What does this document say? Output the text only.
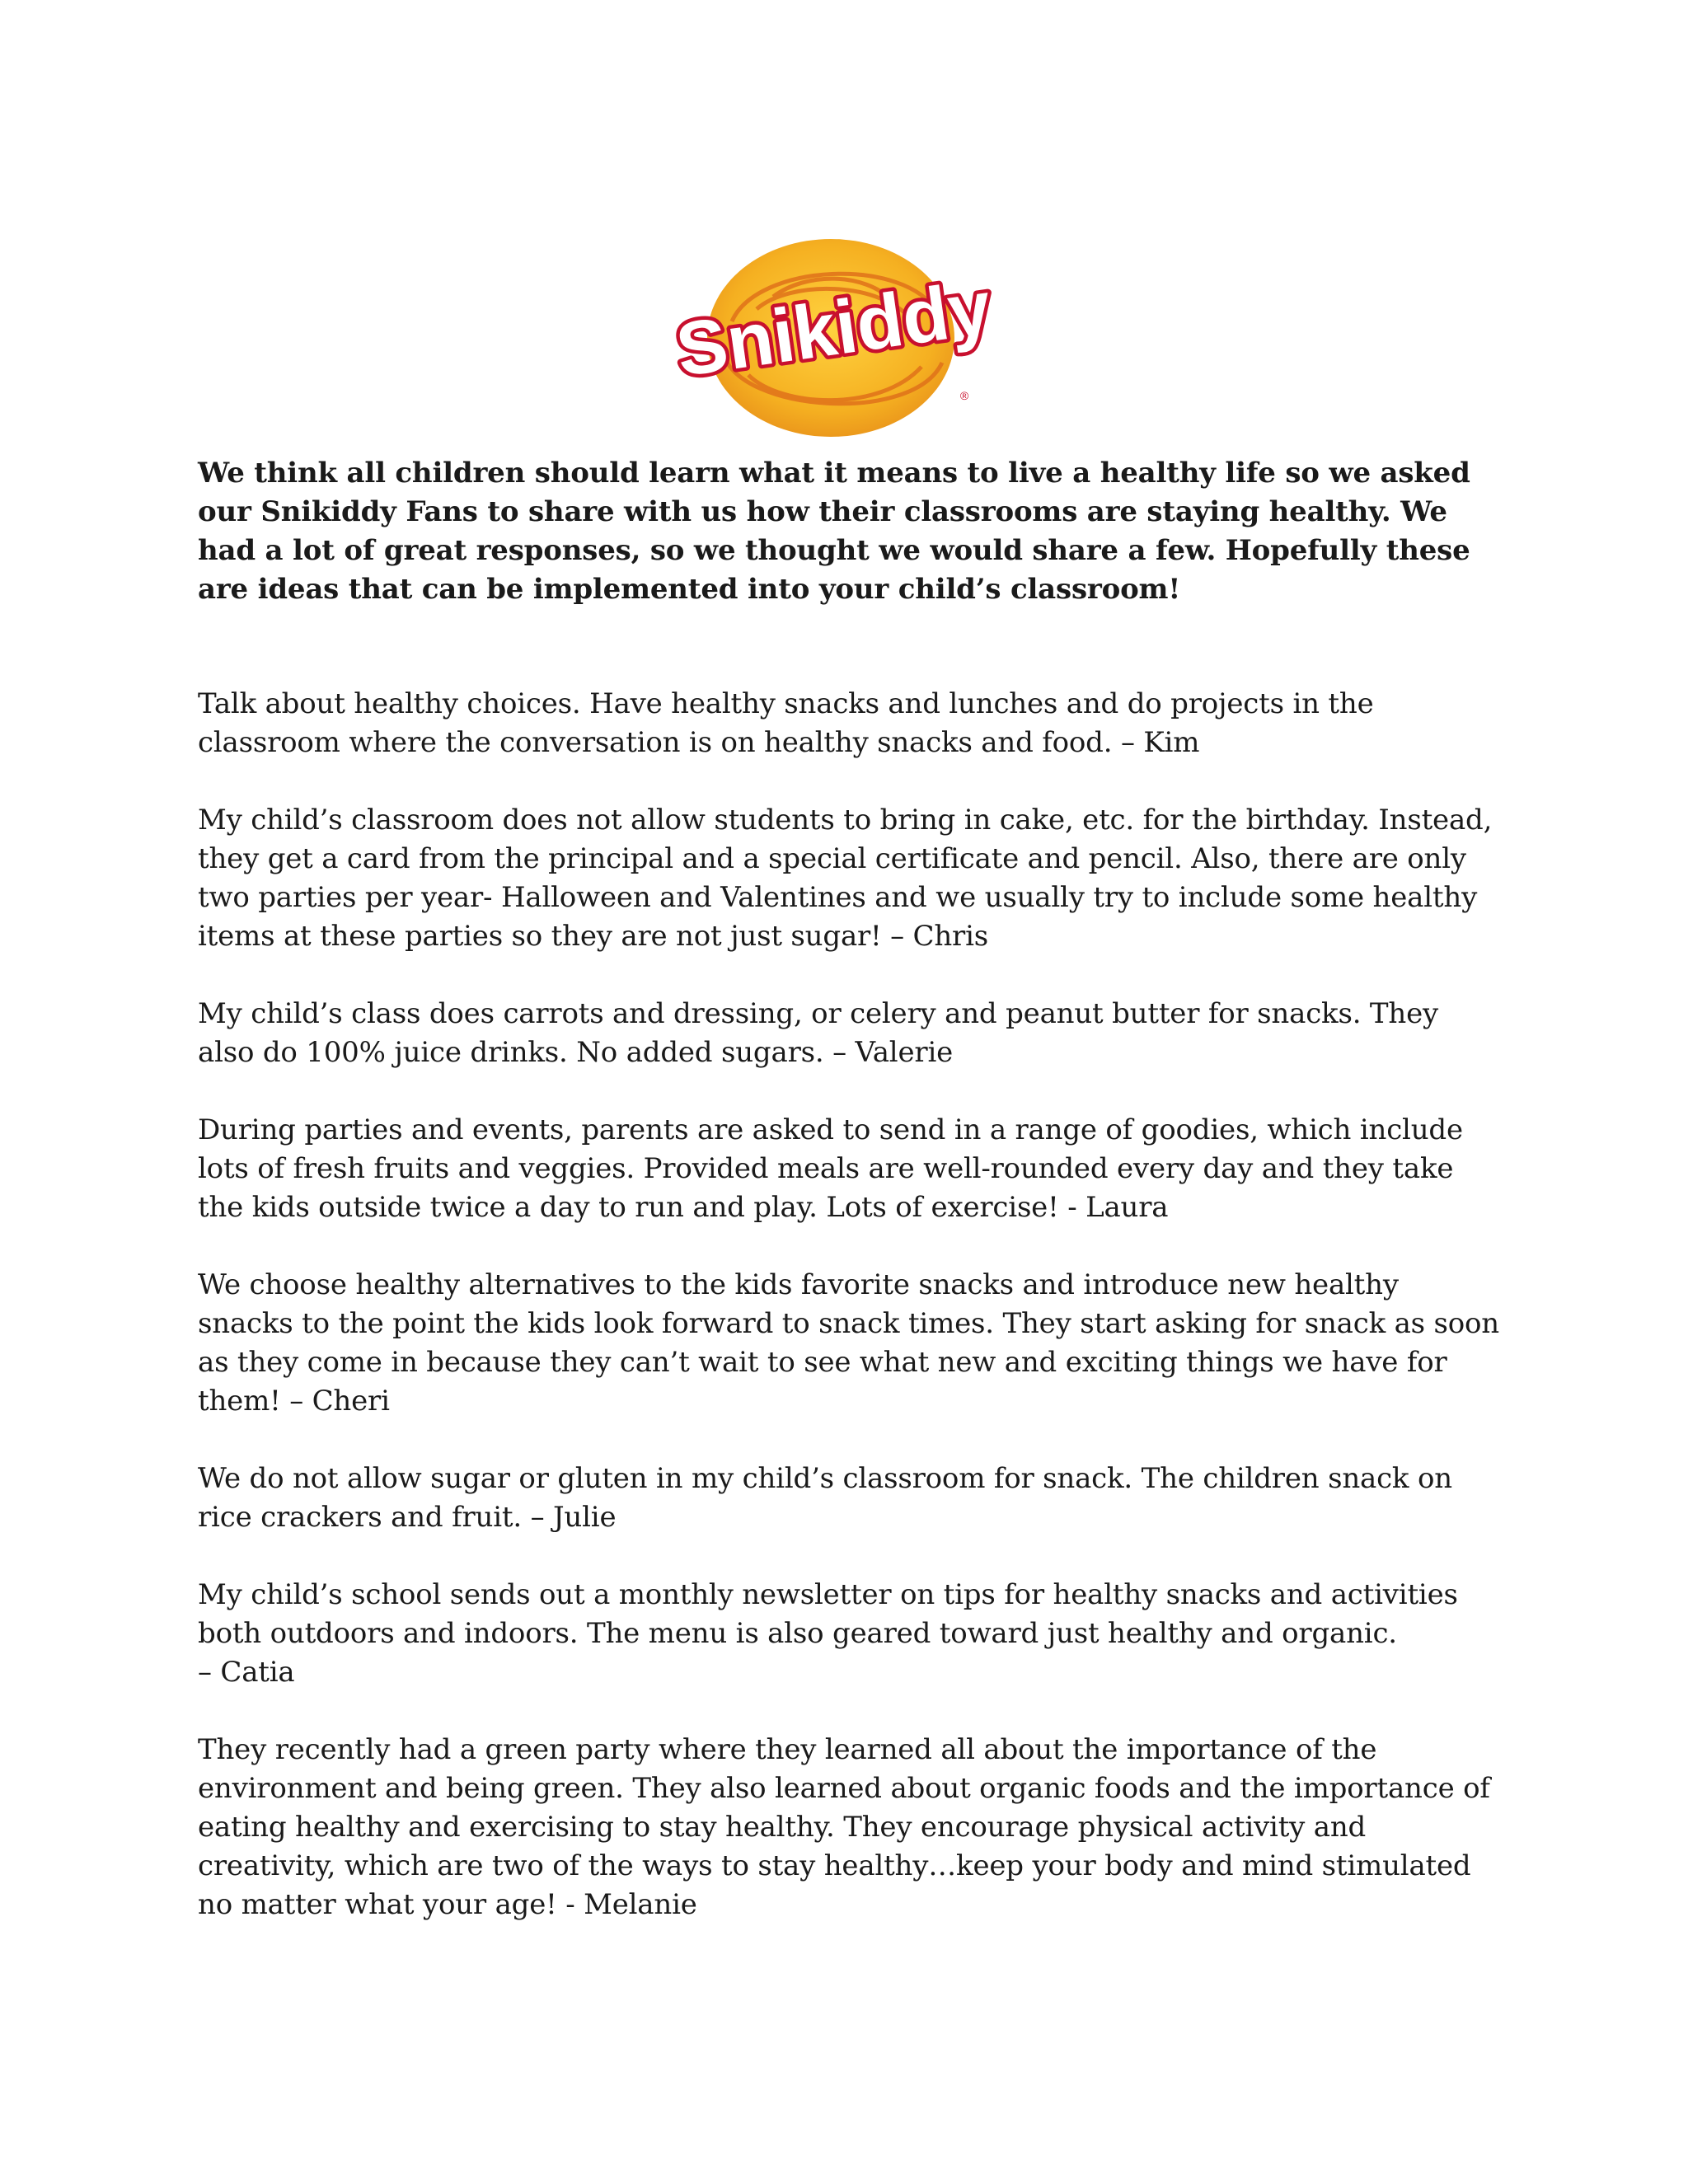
Snikiddy
®

We think all children should learn what it means to live a healthy life so we asked our Snikiddy Fans to share with us how their classrooms are staying healthy. We had a lot of great responses, so we thought we would share a few. Hopefully these are ideas that can be implemented into your child’s classroom!

Talk about healthy choices. Have healthy snacks and lunches and do projects in the classroom where the conversation is on healthy snacks and food. – Kim

My child’s classroom does not allow students to bring in cake, etc. for the birthday. Instead, they get a card from the principal and a special certificate and pencil. Also, there are only two parties per year- Halloween and Valentines and we usually try to include some healthy items at these parties so they are not just sugar! – Chris

My child’s class does carrots and dressing, or celery and peanut butter for snacks. They also do 100% juice drinks. No added sugars. – Valerie

During parties and events, parents are asked to send in a range of goodies, which include lots of fresh fruits and veggies. Provided meals are well-rounded every day and they take the kids outside twice a day to run and play. Lots of exercise! - Laura

We choose healthy alternatives to the kids favorite snacks and introduce new healthy snacks to the point the kids look forward to snack times. They start asking for snack as soon as they come in because they can’t wait to see what new and exciting things we have for them! – Cheri

We do not allow sugar or gluten in my child’s classroom for snack. The children snack on rice crackers and fruit. – Julie

My child’s school sends out a monthly newsletter on tips for healthy snacks and activities both outdoors and indoors. The menu is also geared toward just healthy and organic.
– Catia

They recently had a green party where they learned all about the importance of the environment and being green. They also learned about organic foods and the importance of eating healthy and exercising to stay healthy. They encourage physical activity and creativity, which are two of the ways to stay healthy…keep your body and mind stimulated no matter what your age! - Melanie
